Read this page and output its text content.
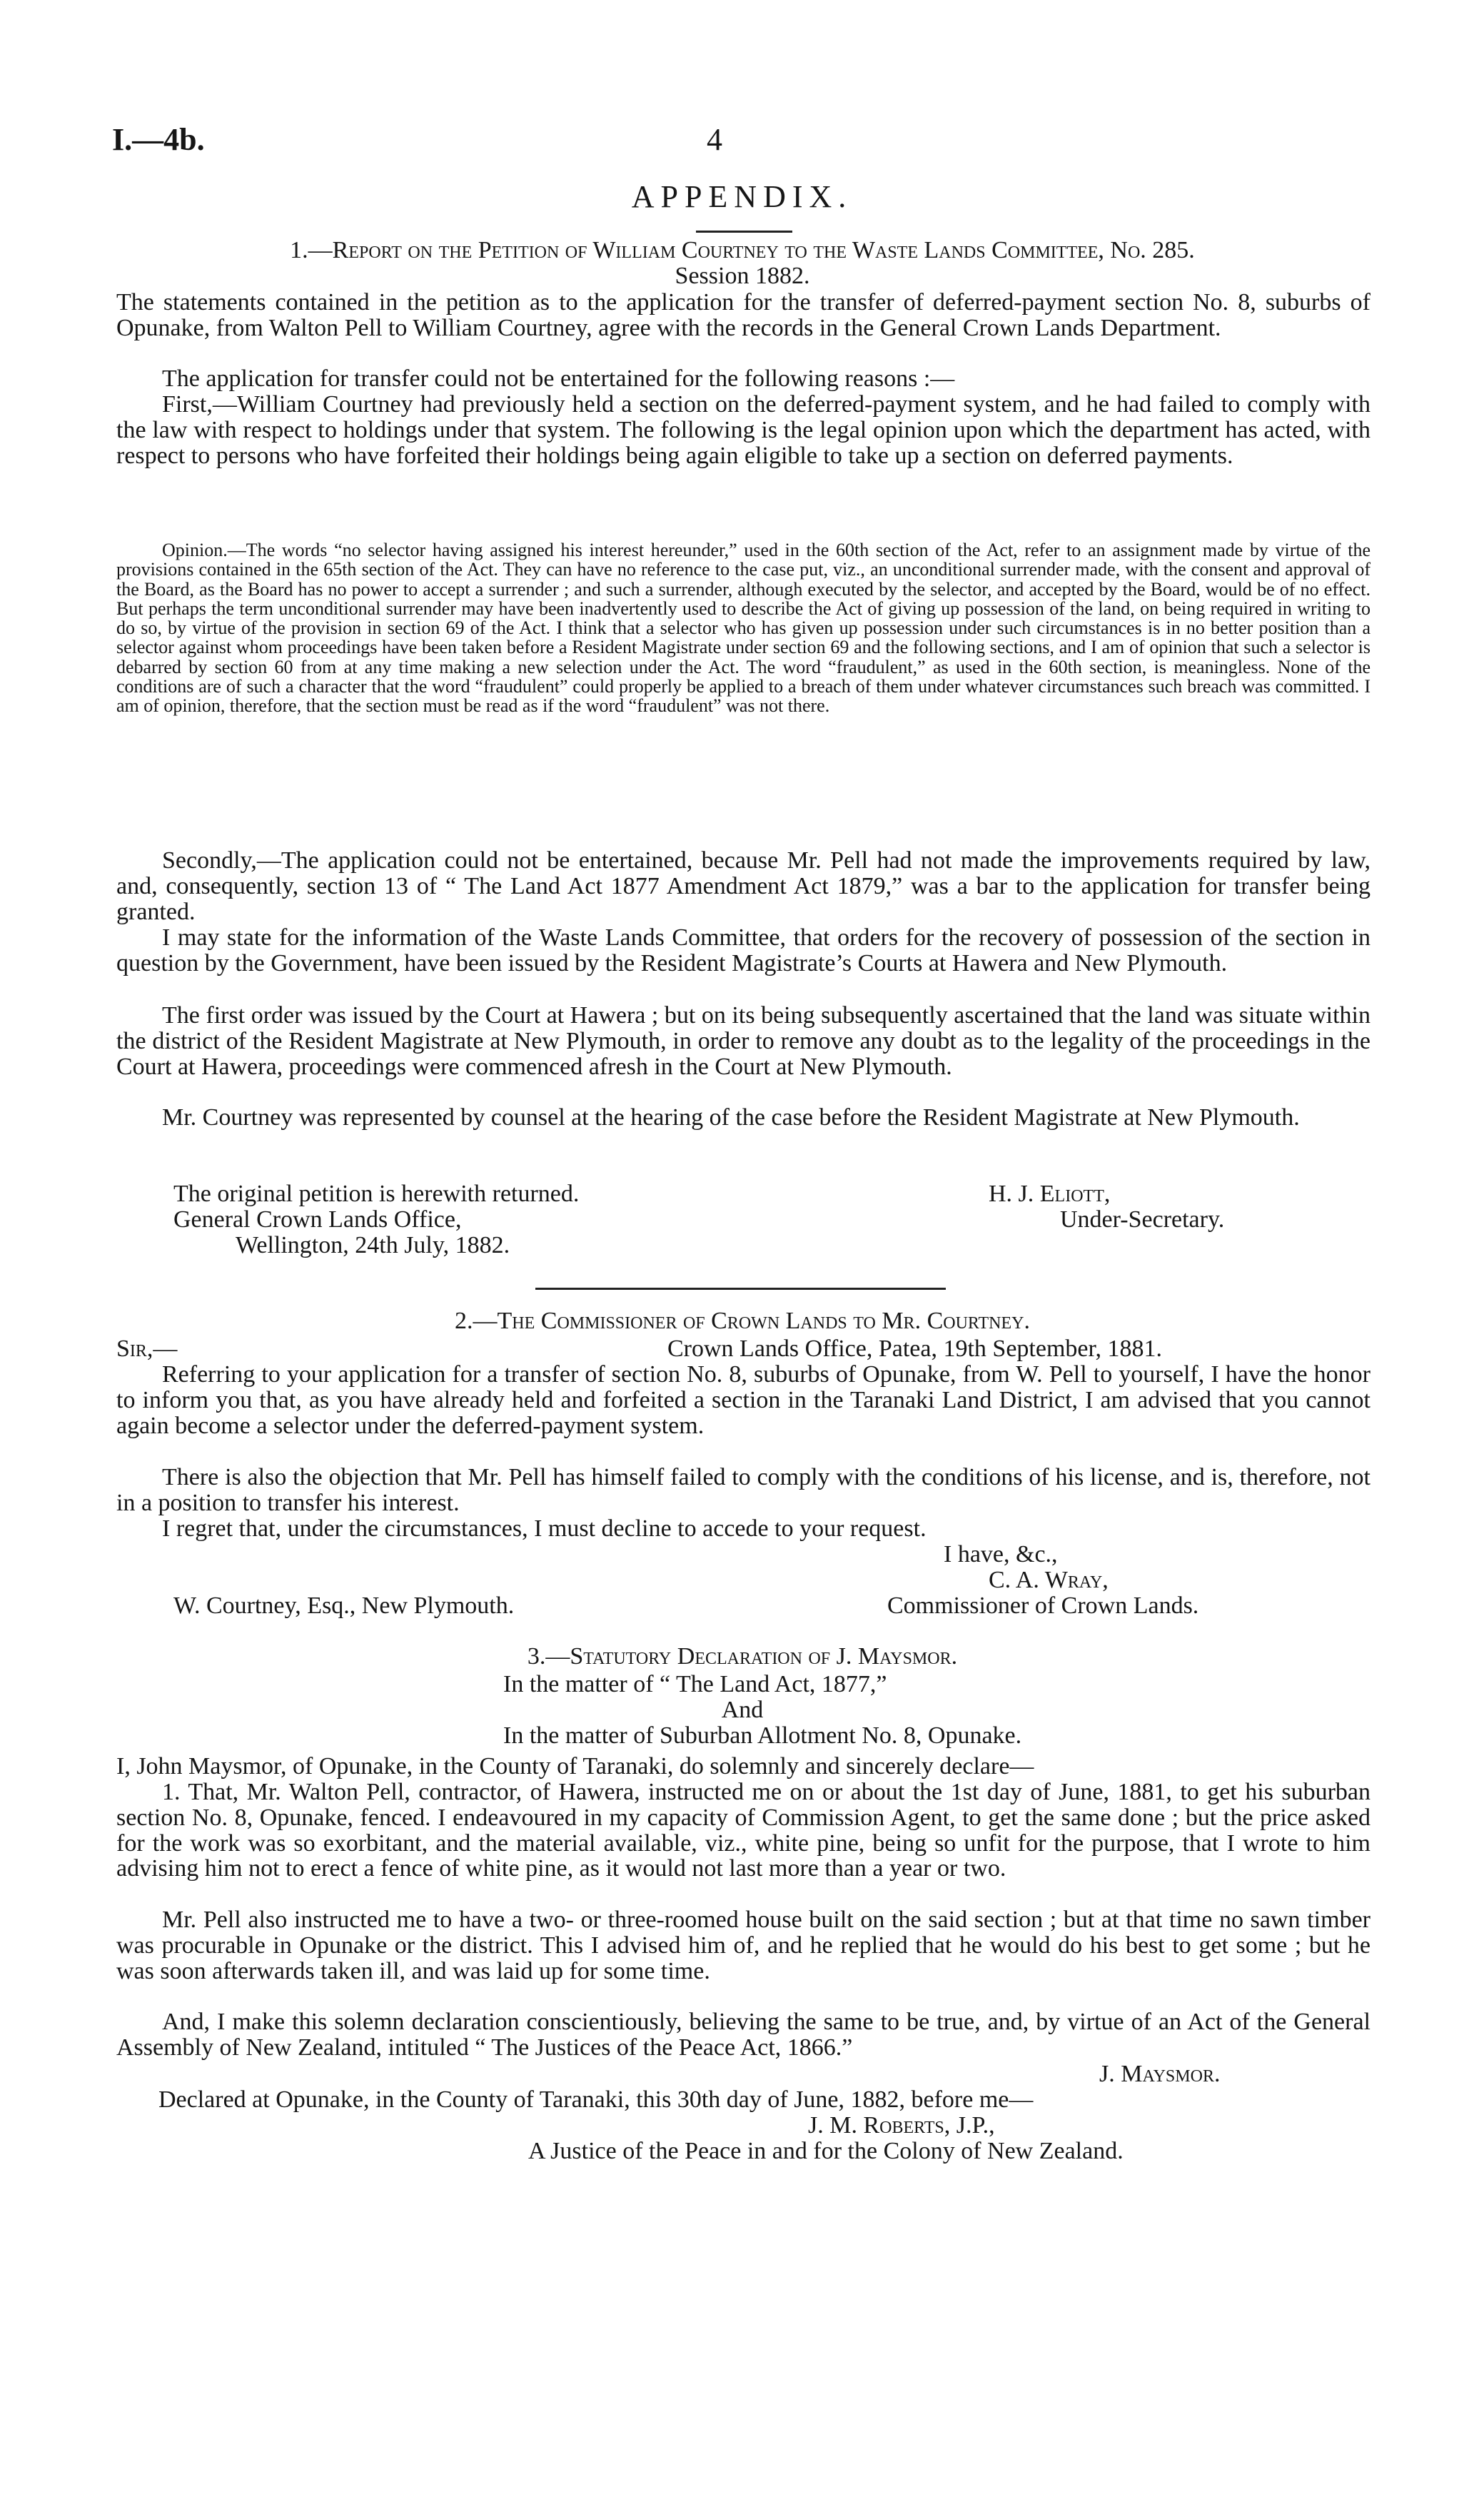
I.—4b.	4
APPENDIX.

1.—Report on the Petition of William Courtney to the Waste Lands Committee, No. 285.

Session 1882.

The statements contained in the petition as to the application for the transfer of deferred-payment section No. 8, suburbs of Opunake, from Walton Pell to William Courtney, agree with the records in the General Crown Lands Department.

The application for transfer could not be entertained for the following reasons :—

First,—William Courtney had previously held a section on the deferred-payment system, and he had failed to comply with the law with respect to holdings under that system. The following is the legal opinion upon which the department has acted, with respect to persons who have forfeited their holdings being again eligible to take up a section on deferred payments.

Opinion.—The words “no selector having assigned his interest hereunder,” used in the 60th section of the Act, refer to an assignment made by virtue of the provisions contained in the 65th section of the Act. They can have no reference to the case put, viz., an unconditional surrender made, with the consent and approval of the Board, as the Board has no power to accept a surrender ; and such a surrender, although executed by the selector, and accepted by the Board, would be of no effect. But perhaps the term unconditional surrender may have been inadvertently used to describe the Act of giving up possession of the land, on being required in writing to do so, by virtue of the provision in section 69 of the Act. I think that a selector who has given up possession under such circumstances is in no better position than a selector against whom proceedings have been taken before a Resident Magistrate under section 69 and the following sections, and I am of opinion that such a selector is debarred by section 60 from at any time making a new selection under the Act. The word “fraudulent,” as used in the 60th section, is meaningless. None of the conditions are of such a character that the word “fraudulent” could properly be applied to a breach of them under whatever circumstances such breach was committed. I am of opinion, therefore, that the section must be read as if the word “fraudulent” was not there.

Secondly,—The application could not be entertained, because Mr. Pell had not made the improvements required by law, and, consequently, section 13 of “ The Land Act 1877 Amendment Act 1879,” was a bar to the application for transfer being granted.

I may state for the information of the Waste Lands Committee, that orders for the recovery of possession of the section in question by the Government, have been issued by the Resident Magistrate’s Courts at Hawera and New Plymouth.

The first order was issued by the Court at Hawera ; but on its being subsequently ascertained that the land was situate within the district of the Resident Magistrate at New Plymouth, in order to remove any doubt as to the legality of the proceedings in the Court at Hawera, proceedings were commenced afresh in the Court at New Plymouth.

Mr. Courtney was represented by counsel at the hearing of the case before the Resident Magistrate at New Plymouth.

The original petition is herewith returned.

General Crown Lands Office,

Wellington, 24th July, 1882.

H. J. Eliott,

Under-Secretary.

2.—The Commissioner of Crown Lands to Mr. Courtney.

Sir,—	Crown Lands Office, Patea, 19th September, 1881.

Referring to your application for a transfer of section No. 8, suburbs of Opunake, from W. Pell to yourself, I have the honor to inform you that, as you have already held and forfeited a section in the Taranaki Land District, I am advised that you cannot again become a selector under the deferred-payment system.

There is also the objection that Mr. Pell has himself failed to comply with the conditions of his license, and is, therefore, not in a position to transfer his interest.

I regret that, under the circumstances, I must decline to accede to your request.

I have, &c.,

C. A. Wray,

W. Courtney, Esq., New Plymouth.	Commissioner of Crown Lands.

3.—Statutory Declaration of J. Maysmor.

In the matter of “ The Land Act, 1877,”

And

In the matter of Suburban Allotment No. 8, Opunake.

I, John Maysmor, of Opunake, in the County of Taranaki, do solemnly and sincerely declare—

1. That, Mr. Walton Pell, contractor, of Hawera, instructed me on or about the 1st day of June, 1881, to get his suburban section No. 8, Opunake, fenced. I endeavoured in my capacity of Commission Agent, to get the same done ; but the price asked for the work was so exorbitant, and the material available, viz., white pine, being so unfit for the purpose, that I wrote to him advising him not to erect a fence of white pine, as it would not last more than a year or two.

Mr. Pell also instructed me to have a two- or three-roomed house built on the said section ; but at that time no sawn timber was procurable in Opunake or the district. This I advised him of, and he replied that he would do his best to get some ; but he was soon afterwards taken ill, and was laid up for some time.

And, I make this solemn declaration conscientiously, believing the same to be true, and, by virtue of an Act of the General Assembly of New Zealand, intituled “ The Justices of the Peace Act, 1866.”

J. Maysmor.

Declared at Opunake, in the County of Taranaki, this 30th day of June, 1882, before me—

J. M. Roberts, J.P.,

A Justice of the Peace in and for the Colony of New Zealand.
